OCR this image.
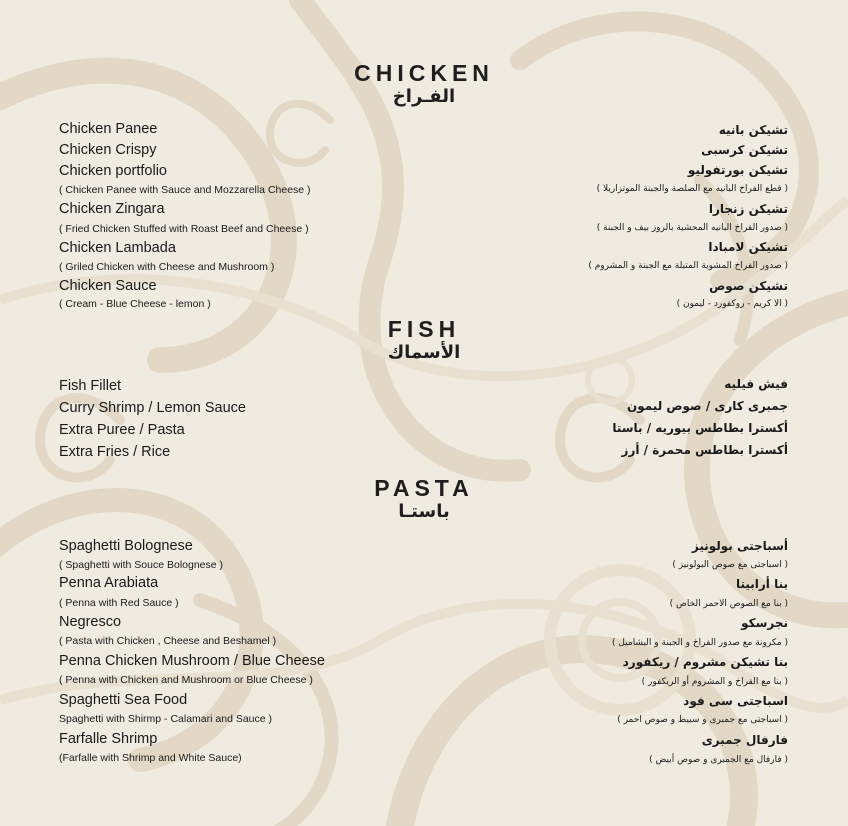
CHICKEN
الفـراخ
Chicken Panee
Chicken Crispy
Chicken portfolio
( Chicken Panee with Sauce and Mozzarella Cheese )
Chicken Zingara
( Fried Chicken Stuffed with Roast Beef and Cheese )
Chicken Lambada
( Griled Chicken with Cheese and Mushroom )
Chicken Sauce
( Cream - Blue Cheese - lemon )
تشيكن بانيه
تشيكن كرسبى
تشيكن بورتفوليو
( قطع الفراخ البانيه مع الصلصة والجبنة الموتزاريلا )
تشيكن زنجارا
( صدور الفراخ البانيه المحشية بالروز بيف و الجبنة )
تشيكن لامبادا
( صدور الفراخ المشوية المتبلة مع الجبنة و المشروم )
تشيكن صوص
( الا كريم - روكفورد - ليمون )
FISH
الأسماك
Fish Fillet
Curry Shrimp / Lemon Sauce
Extra Puree / Pasta
Extra Fries / Rice
فيش فيليه
جمبرى كارى / صوص ليمون
أكسترا بطاطس بيوريه / باستا
أكسترا بطاطس محمرة / أرز
PASTA
باستـا
Spaghetti Bolognese
( Spaghetti with Souce Bolognese )
Penna Arabiata
( Penna with Red Sauce )
Negresco
( Pasta with Chicken , Cheese and Beshamel )
Penna Chicken Mushroom / Blue Cheese
( Penna with Chicken and Mushroom or Blue Cheese )
Spaghetti Sea Food
Spaghetti with Shirmp - Calamari and Sauce )
Farfalle Shrimp
(Farfalle with Shrimp and White Sauce)
أسباجتى بولونيز
( اسباجتى مع صوص البولونيز )
بنا أرابيتا
( بنا مع الصوص الاحمر الخاص )
نجرسكو
( مكرونة مع صدور الفراخ و الجبنة و البشاميل )
بنا تشيكن مشروم / ريكفورد
( بنا مع الفراخ و المشروم أو الريكفور )
اسباجتى سى فود
( اسباجتى مع جمبرى و سبيط و صوص احمر )
فارفال جمبرى
( فارفال مع الجمبرى و صوص أبيض )
